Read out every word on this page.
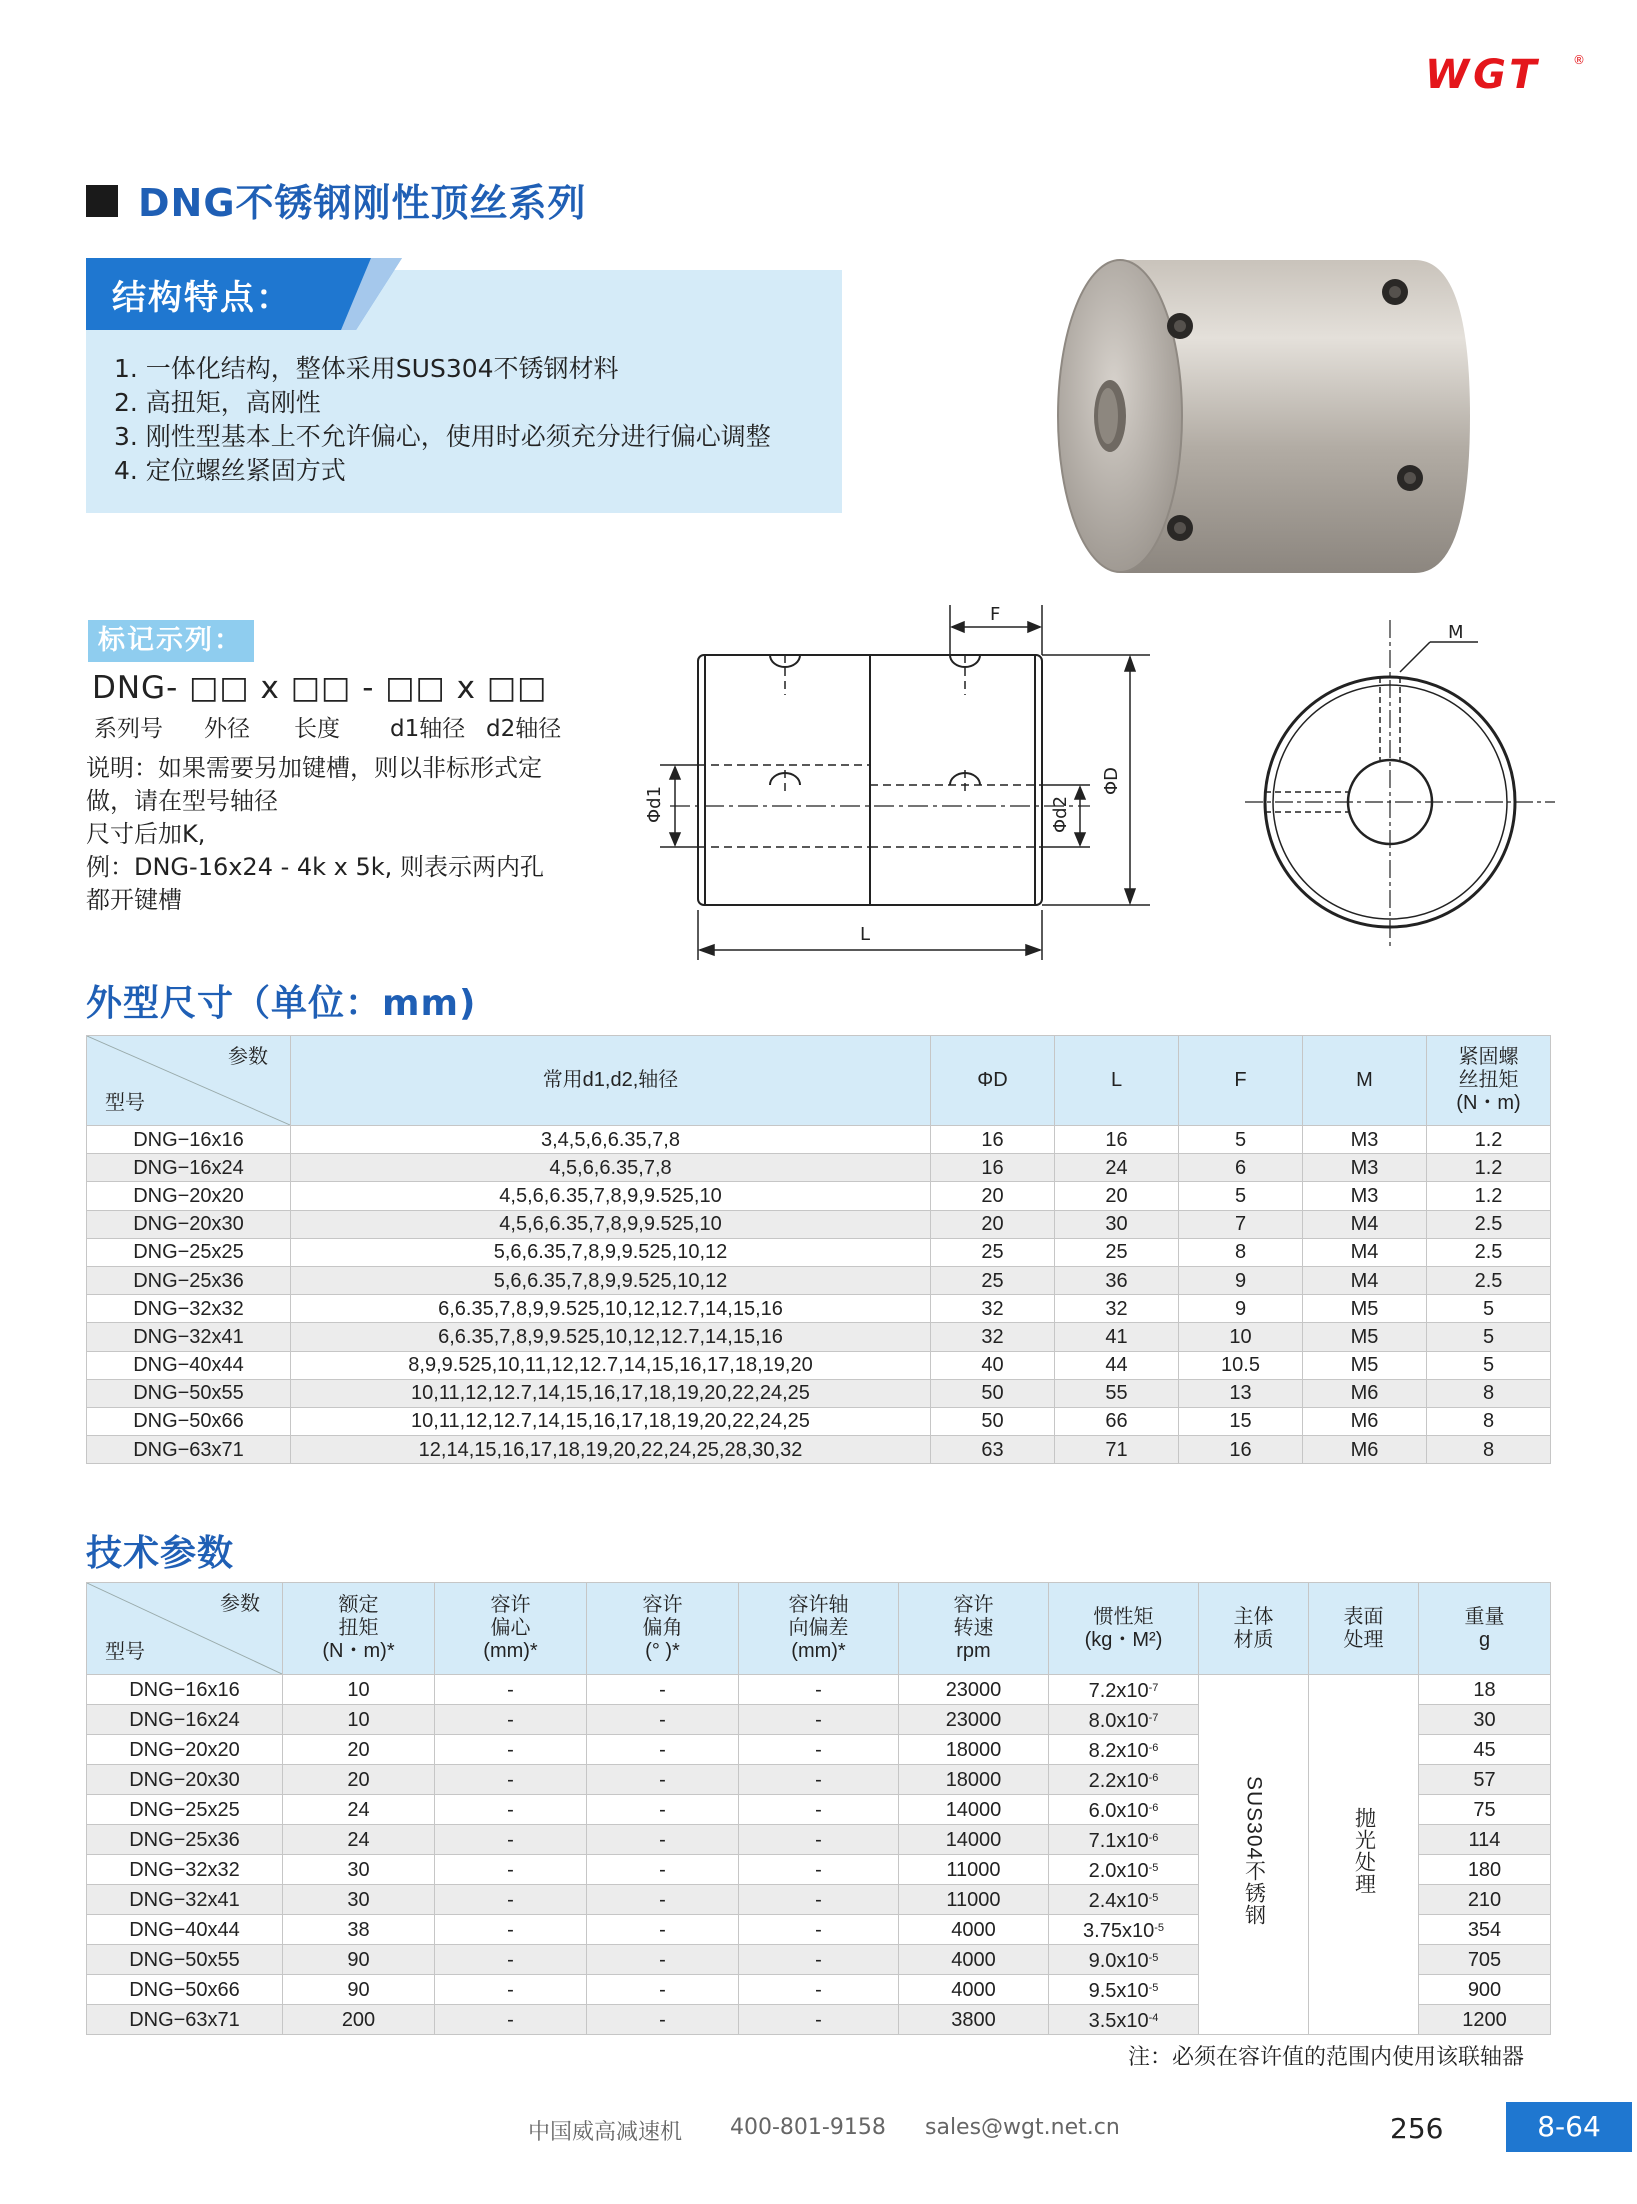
WGT	®
DNG不锈钢刚性顶丝系列
结构特点：
1. 一体化结构，整体采用SUS304不锈钢材料
2. 高扭矩，高刚性
3. 刚性型基本上不允许偏心，使用时必须充分进行偏心调整
4. 定位螺丝紧固方式
标记示列：
DNG- □□ x □□ - □□ x □□
系列号 外径 长度 d1轴径 d2轴径
说明：如果需要另加键槽，则以非标形式定
做，请在型号轴径
尺寸后加K,
例：DNG-16x24 - 4k x 5k, 则表示两内孔
都开键槽
F
L
Φd1	Φd2
ΦD
M
外型尺寸（单位：mm)
参数
型号	常用d1,d2,轴径	ΦD	L	F	M	紧固螺
丝扭矩
(N・m)
DNG−16x16	3,4,5,6,6.35,7,8	16	16	5	M3	1.2
DNG−16x24	4,5,6,6.35,7,8	16	24	6	M3	1.2
DNG−20x20	4,5,6,6.35,7,8,9,9.525,10	20	20	5	M3	1.2
DNG−20x30	4,5,6,6.35,7,8,9,9.525,10	20	30	7	M4	2.5
DNG−25x25	5,6,6.35,7,8,9,9.525,10,12	25	25	8	M4	2.5
DNG−25x36	5,6,6.35,7,8,9,9.525,10,12	25	36	9	M4	2.5
DNG−32x32	6,6.35,7,8,9,9.525,10,12,12.7,14,15,16	32	32	9	M5	5
DNG−32x41	6,6.35,7,8,9,9.525,10,12,12.7,14,15,16	32	41	10	M5	5
DNG−40x44	8,9,9.525,10,11,12,12.7,14,15,16,17,18,19,20	40	44	10.5	M5	5
DNG−50x55	10,11,12,12.7,14,15,16,17,18,19,20,22,24,25	50	55	13	M6	8
DNG−50x66	10,11,12,12.7,14,15,16,17,18,19,20,22,24,25	50	66	15	M6	8
DNG−63x71	12,14,15,16,17,18,19,20,22,24,25,28,30,32	63	71	16	M6	8
技术参数
参数
型号	额定
扭矩
(N・m)*	容许
偏心
(mm)*	容许
偏角
(° )*	容许轴
向偏差
(mm)*	容许
转速
rpm	惯性矩
(kg・M²)	主体
材质	表面
处理	重量
g
DNG−16x16	10	-	-	-	23000	$7.2x10^{-7}$	SUS304不锈钢	抛光处理	18
DNG−16x24	10	-	-	-	23000	$8.0x10^{-7}$			30
DNG−20x20	20	-	-	-	18000	$8.2x10^{-6}$			45
DNG−20x30	20	-	-	-	18000	$2.2x10^{-6}$			57
DNG−25x25	24	-	-	-	14000	$6.0x10^{-6}$			75
DNG−25x36	24	-	-	-	14000	$7.1x10^{-6}$			114
DNG−32x32	30	-	-	-	11000	$2.0x10^{-5}$			180
DNG−32x41	30	-	-	-	11000	$2.4x10^{-5}$			210
DNG−40x44	38	-	-	-	4000	$3.75x10^{-5}$			354
DNG−50x55	90	-	-	-	4000	$9.0x10^{-5}$			705
DNG−50x66	90	-	-	-	4000	$9.5x10^{-5}$			900
DNG−63x71	200	-	-	-	3800	$3.5x10^{-4}$			1200
注：必须在容许值的范围内使用该联轴器
中国威高减速机 400-801-9158 sales@wgt.net.cn	256	8-64
